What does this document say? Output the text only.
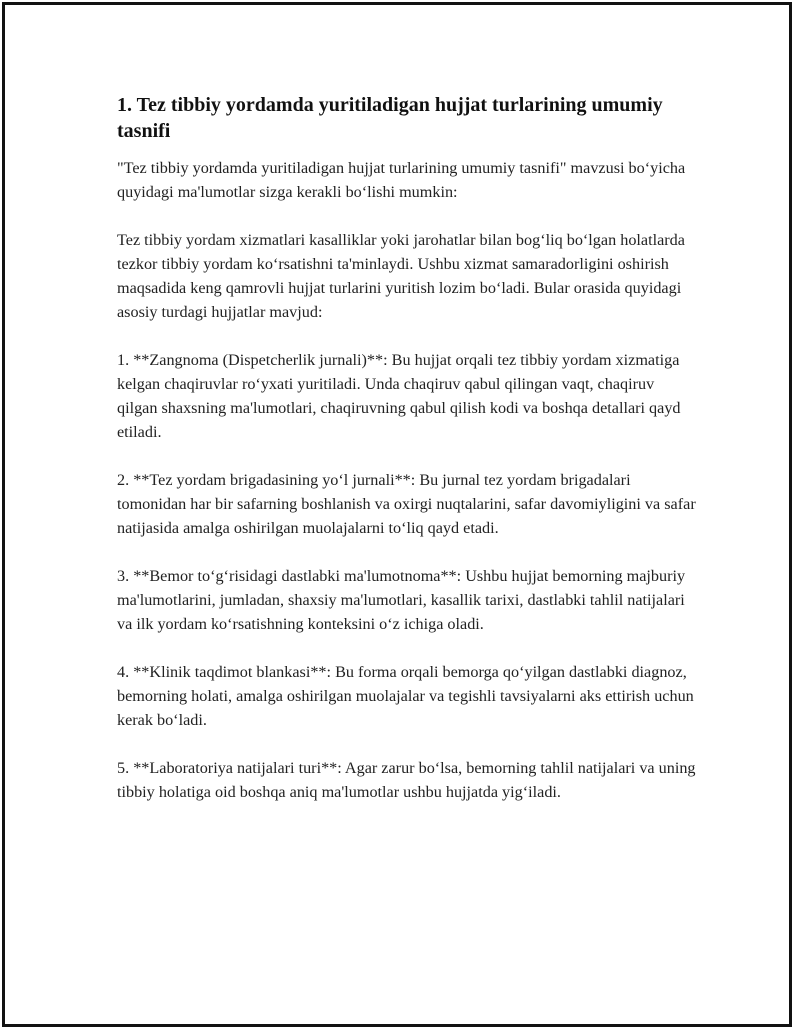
1. Tez tibbiy yordamda yuritiladigan hujjat turlarining umumiy tasnifi

"Tez tibbiy yordamda yuritiladigan hujjat turlarining umumiy tasnifi" mavzusi bo‘yicha quyidagi ma'lumotlar sizga kerakli bo‘lishi mumkin:

Tez tibbiy yordam xizmatlari kasalliklar yoki jarohatlar bilan bog‘liq bo‘lgan holatlarda tezkor tibbiy yordam ko‘rsatishni ta'minlaydi. Ushbu xizmat samaradorligini oshirish maqsadida keng qamrovli hujjat turlarini yuritish lozim bo‘ladi. Bular orasida quyidagi asosiy turdagi hujjatlar mavjud:

1. **Zangnoma (Dispetcherlik jurnali)**: Bu hujjat orqali tez tibbiy yordam xizmatiga kelgan chaqiruvlar ro‘yxati yuritiladi. Unda chaqiruv qabul qilingan vaqt, chaqiruv qilgan shaxsning ma'lumotlari, chaqiruvning qabul qilish kodi va boshqa detallari qayd etiladi.

2. **Tez yordam brigadasining yo‘l jurnali**: Bu jurnal tez yordam brigadalari tomonidan har bir safarning boshlanish va oxirgi nuqtalarini, safar davomiyligini va safar natijasida amalga oshirilgan muolajalarni to‘liq qayd etadi.

3. **Bemor to‘g‘risidagi dastlabki ma'lumotnoma**: Ushbu hujjat bemorning majburiy ma'lumotlarini, jumladan, shaxsiy ma'lumotlari, kasallik tarixi, dastlabki tahlil natijalari va ilk yordam ko‘rsatishning konteksini o‘z ichiga oladi.

4. **Klinik taqdimot blankasi**: Bu forma orqali bemorga qo‘yilgan dastlabki diagnoz, bemorning holati, amalga oshirilgan muolajalar va tegishli tavsiyalarni aks ettirish uchun kerak bo‘ladi.

5. **Laboratoriya natijalari turi**: Agar zarur bo‘lsa, bemorning tahlil natijalari va uning tibbiy holatiga oid boshqa aniq ma'lumotlar ushbu hujjatda yig‘iladi.
